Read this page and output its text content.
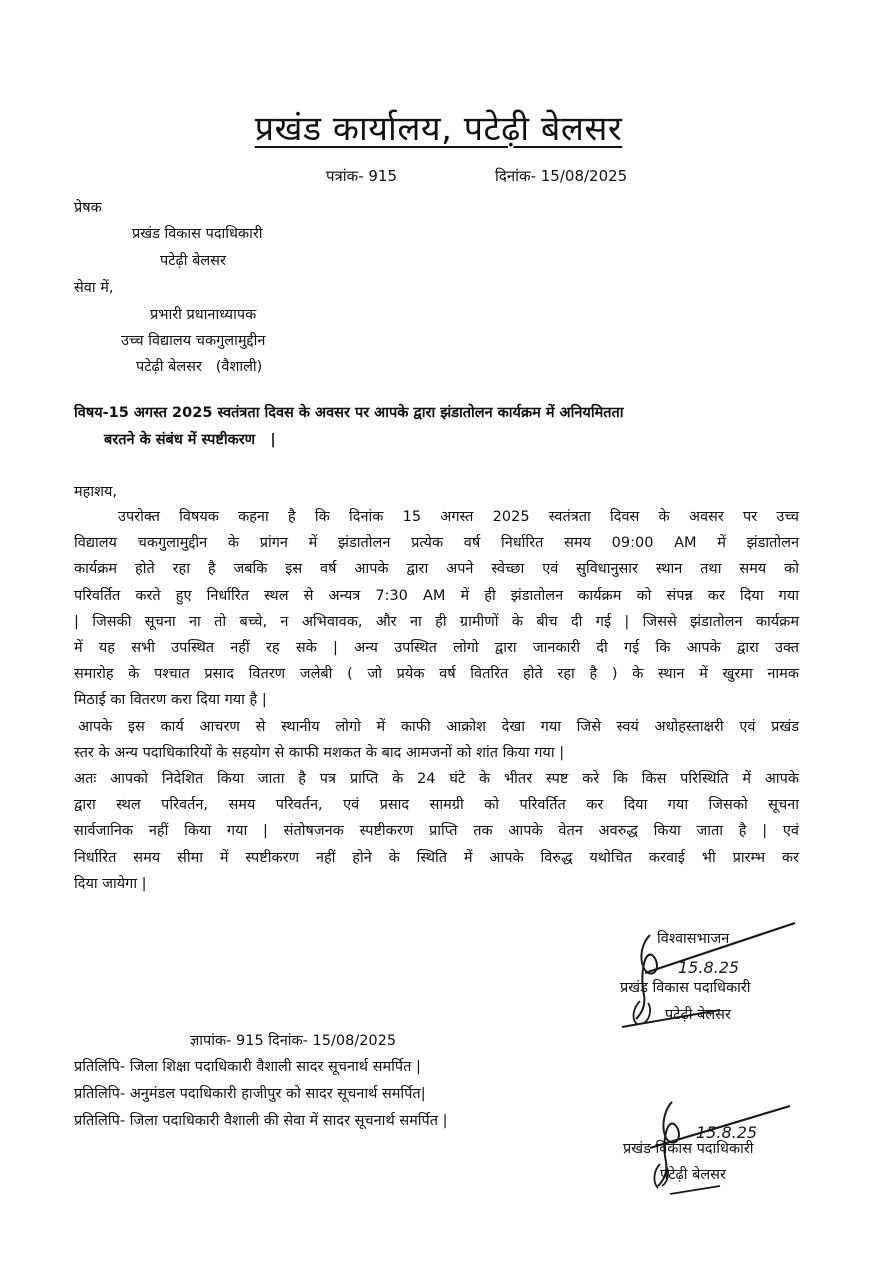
प्रखंड कार्यालय, पटेढ़ी बेलसर
पत्रांक- 915	दिनांक- 15/08/2025
प्रेषक
प्रखंड विकास पदाधिकारी
पटेढ़ी बेलसर
सेवा में,
प्रभारी प्रधानाध्यापक
उच्च विद्यालय चकगुलामुद्दीन
पटेढ़ी बेलसर   (वैशाली)
विषय-15 अगस्त 2025 स्वतंत्रता दिवस के अवसर पर आपके द्वारा झंडातोलन कार्यक्रम में अनियमितता
बरतने के संबंध में स्पष्टीकरण   |
महाशय,
उपरोक्त विषयक कहना है कि दिनांक 15 अगस्त 2025 स्वतंत्रता दिवस के अवसर पर उच्च
विद्यालय चकगुलामुद्दीन के प्रांगन में झंडातोलन प्रत्येक वर्ष निर्धारित समय 09:00 AM में झंडातोलन
कार्यक्रम होते रहा है जबकि इस वर्ष आपके द्वारा अपने स्वेच्छा एवं सुविधानुसार स्थान तथा समय को
परिवर्तित करते हुए निर्धारित स्थल से अन्यत्र 7:30 AM में ही झंडातोलन कार्यक्रम को संपन्न कर दिया गया
| जिसकी सूचना ना तो बच्चे, न अभिवावक, और ना ही ग्रामीणों के बीच दी गई | जिससे झंडातोलन कार्यक्रम
में यह सभी उपस्थित नहीं रह सके | अन्य उपस्थित लोगो द्वारा जानकारी दी गई कि आपके द्वारा उक्त
समारोह के पश्चात प्रसाद वितरण जलेबी ( जो प्रयेक वर्ष वितरित होते रहा है ) के स्थान में खुरमा नामक
मिठाई का वितरण करा दिया गया है |
आपके इस कार्य आचरण से स्थानीय लोगो में काफी आक्रोश देखा गया जिसे स्वयं अधोहस्ताक्षरी एवं प्रखंड
स्तर के अन्य पदाधिकारियों के सहयोग से काफी मशकत के बाद आमजनों को शांत किया गया |
अतः आपको निदेशित किया जाता है पत्र प्राप्ति के 24 घंटे के भीतर स्पष्ट करे कि किस परिस्थिति में आपके
द्वारा स्थल परिवर्तन, समय परिवर्तन, एवं प्रसाद सामग्री को परिवर्तित कर दिया गया जिसको सूचना
सार्वजानिक नहीं किया गया | संतोषजनक स्पष्टीकरण प्राप्ति तक आपके वेतन अवरुद्ध किया जाता है | एवं
निर्धारित समय सीमा में स्पष्टीकरण नहीं होने के स्थिति में आपके विरुद्ध यथोचित करवाई भी प्रारम्भ कर
दिया जायेगा |
15.8.25
विश्वासभाजन
प्रखंड विकास पदाधिकारी
पटेढ़ी बेलसर
ज्ञापांक- 915 दिनांक- 15/08/2025
प्रतिलिपि- जिला शिक्षा पदाधिकारी वैशाली सादर सूचनार्थ समर्पित |
प्रतिलिपि- अनुमंडल पदाधिकारी हाजीपुर को सादर सूचनार्थ समर्पित|
प्रतिलिपि- जिला पदाधिकारी वैशाली की सेवा में सादर सूचनार्थ समर्पित |
15.8.25
प्रखंड विकास पदाधिकारी
पटेढ़ी बेलसर
